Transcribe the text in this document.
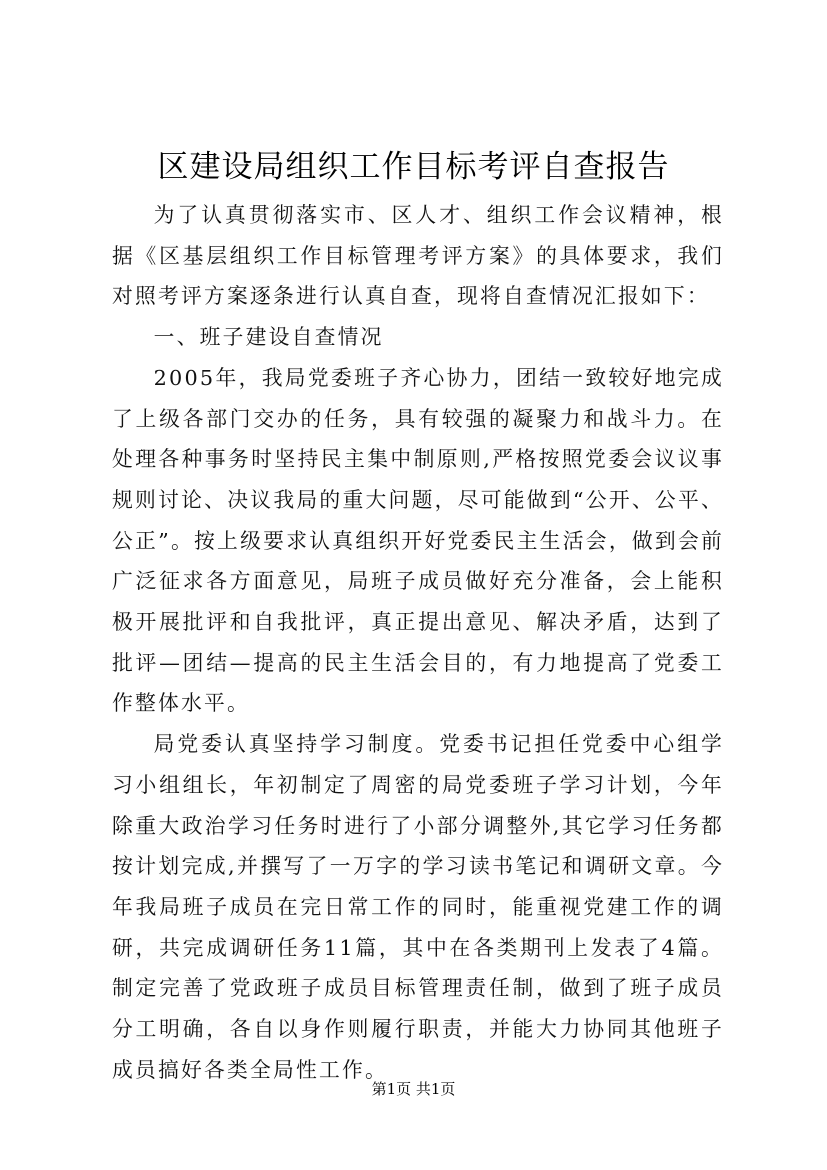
区建设局组织工作目标考评自查报告

为了认真贯彻落实市、区人才、组织工作会议精神，根据《区基层组织工作目标管理考评方案》的具体要求，我们对照考评方案逐条进行认真自查，现将自查情况汇报如下：

一、班子建设自查情况

2005年，我局党委班子齐心协力，团结一致较好地完成了上级各部门交办的任务，具有较强的凝聚力和战斗力。在处理各种事务时坚持民主集中制原则,严格按照党委会议议事规则讨论、决议我局的重大问题，尽可能做到“公开、公平、公正”。按上级要求认真组织开好党委民主生活会，做到会前广泛征求各方面意见，局班子成员做好充分准备，会上能积极开展批评和自我批评，真正提出意见、解决矛盾，达到了批评—团结—提高的民主生活会目的，有力地提高了党委工作整体水平。

局党委认真坚持学习制度。党委书记担任党委中心组学习小组组长，年初制定了周密的局党委班子学习计划，今年除重大政治学习任务时进行了小部分调整外,其它学习任务都按计划完成,并撰写了一万字的学习读书笔记和调研文章。今年我局班子成员在完日常工作的同时，能重视党建工作的调研，共完成调研任务11篇，其中在各类期刊上发表了4篇。制定完善了党政班子成员目标管理责任制，做到了班子成员分工明确，各自以身作则履行职责，并能大力协同其他班子成员搞好各类全局性工作。

第1页 共1页
